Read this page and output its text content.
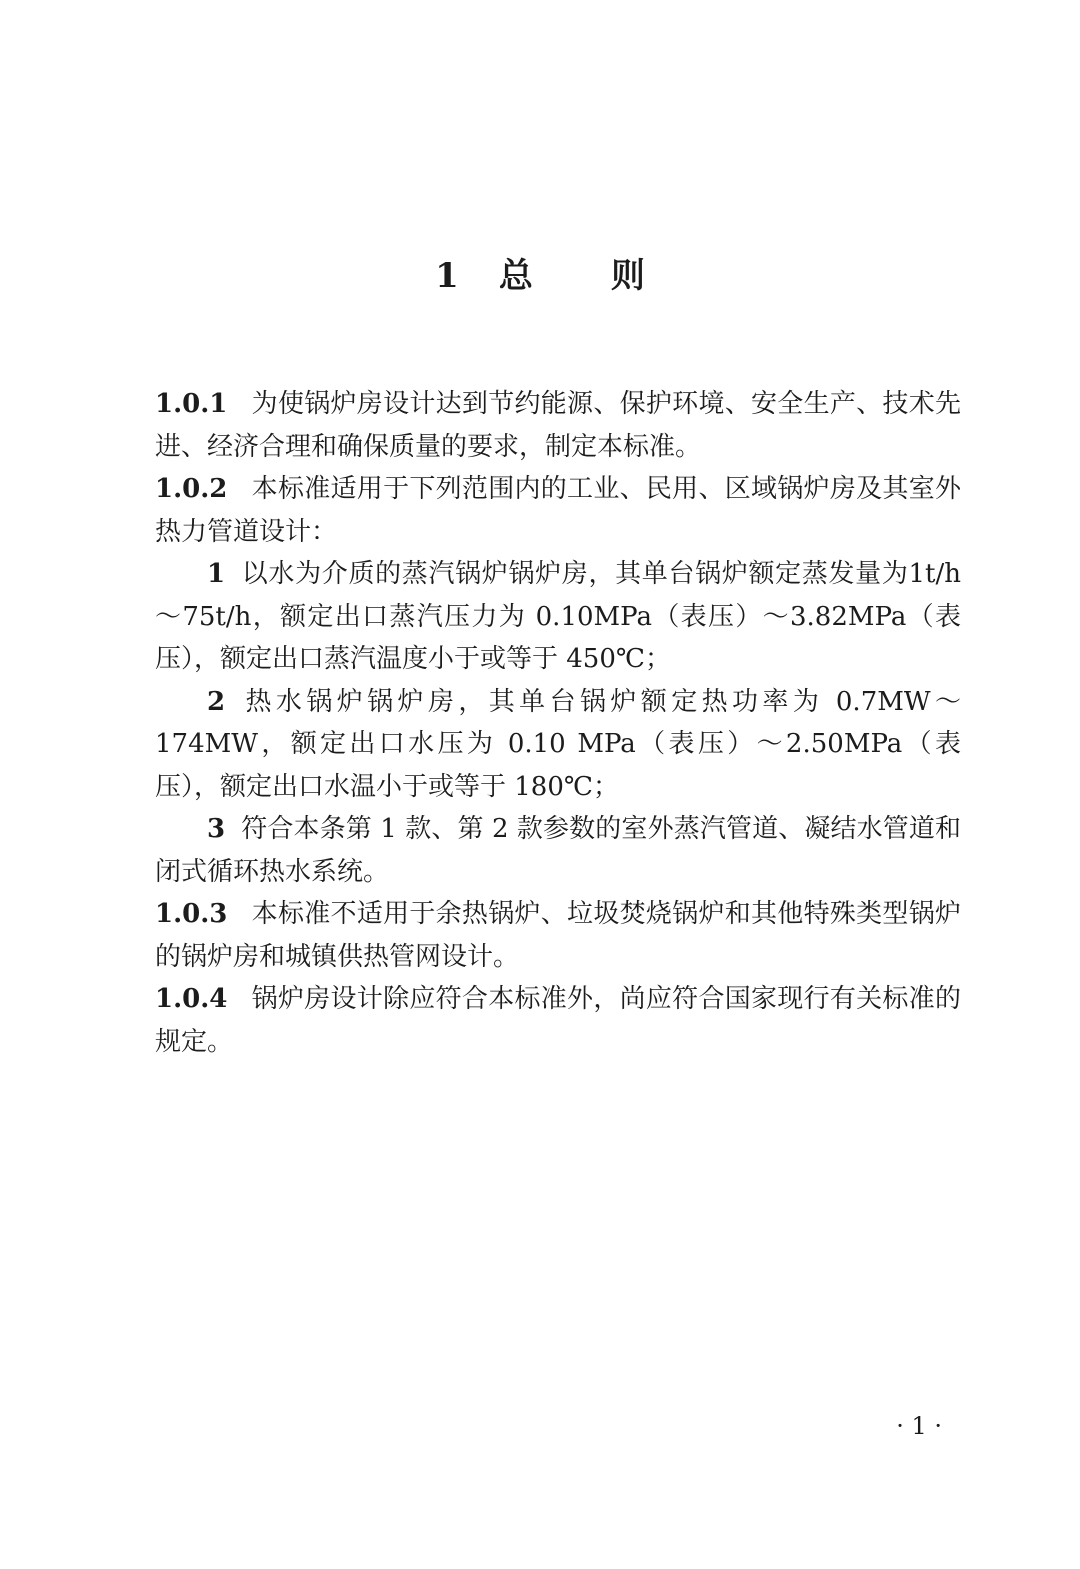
1 总 则

1.0.1 为使锅炉房设计达到节约能源、保护环境、安全生产、技术先进、经济合理和确保质量的要求，制定本标准。

1.0.2 本标准适用于下列范围内的工业、民用、区域锅炉房及其室外热力管道设计：

1 以水为介质的蒸汽锅炉锅炉房，其单台锅炉额定蒸发量为1t/h～75t/h，额定出口蒸汽压力为 0.10MPa（表压）～3.82MPa（表压），额定出口蒸汽温度小于或等于 450℃；

2 热水锅炉锅炉房，其单台锅炉额定热功率为 0.7MW～174MW，额定出口水压为 0.10 MPa（表压）～2.50MPa（表压），额定出口水温小于或等于 180℃；

3 符合本条第 1 款、第 2 款参数的室外蒸汽管道、凝结水管道和闭式循环热水系统。

1.0.3 本标准不适用于余热锅炉、垃圾焚烧锅炉和其他特殊类型锅炉的锅炉房和城镇供热管网设计。

1.0.4 锅炉房设计除应符合本标准外，尚应符合国家现行有关标准的规定。

· 1 ·
